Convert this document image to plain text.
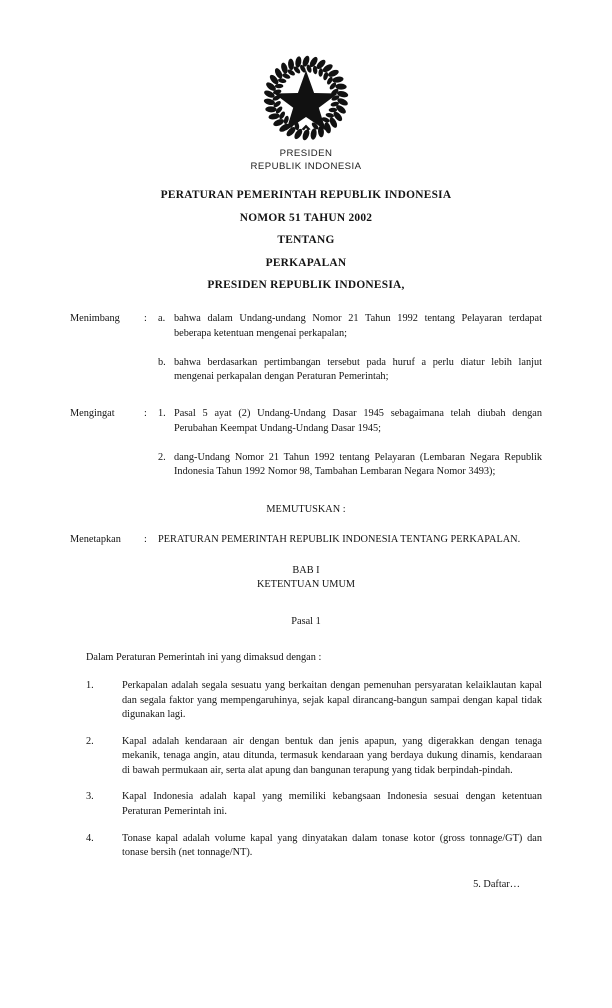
PRESIDEN
REPUBLIK INDONESIA
PERATURAN PEMERINTAH REPUBLIK INDONESIA
NOMOR 51 TAHUN 2002
TENTANG
PERKAPALAN
PRESIDEN REPUBLIK INDONESIA,
Menimbang	:	a. bahwa dalam Undang-undang Nomor 21 Tahun 1992 tentang Pelayaran terdapat beberapa ketentuan mengenai perkapalan;
b. bahwa berdasarkan pertimbangan tersebut pada huruf a perlu diatur lebih lanjut mengenai perkapalan dengan Peraturan Pemerintah;
Mengingat	:	1. Pasal 5 ayat (2) Undang-Undang Dasar 1945 sebagaimana telah diubah dengan Perubahan Keempat Undang-Undang Dasar 1945;
2. dang-Undang Nomor 21 Tahun 1992 tentang Pelayaran (Lembaran Negara Republik Indonesia Tahun 1992 Nomor 98, Tambahan Lembaran Negara Nomor 3493);
MEMUTUSKAN :
Menetapkan	:	PERATURAN PEMERINTAH REPUBLIK INDONESIA TENTANG PERKAPALAN.
BAB I
KETENTUAN UMUM
Pasal 1
Dalam Peraturan Pemerintah ini yang dimaksud dengan :
1.	Perkapalan adalah segala sesuatu yang berkaitan dengan pemenuhan persyaratan kelaiklautan kapal dan segala faktor yang mempengaruhinya, sejak kapal dirancang-bangun sampai dengan kapal tidak digunakan lagi.
2.	Kapal adalah kendaraan air dengan bentuk dan jenis apapun, yang digerakkan dengan tenaga mekanik, tenaga angin, atau ditunda, termasuk kendaraan yang berdaya dukung dinamis, kendaraan di bawah permukaan air, serta alat apung dan bangunan terapung yang tidak berpindah-pindah.
3.	Kapal Indonesia adalah kapal yang memiliki kebangsaan Indonesia sesuai dengan ketentuan Peraturan Pemerintah ini.
4.	Tonase kapal adalah volume kapal yang dinyatakan dalam tonase kotor (gross tonnage/GT) dan tonase bersih (net tonnage/NT).
5. Daftar…
